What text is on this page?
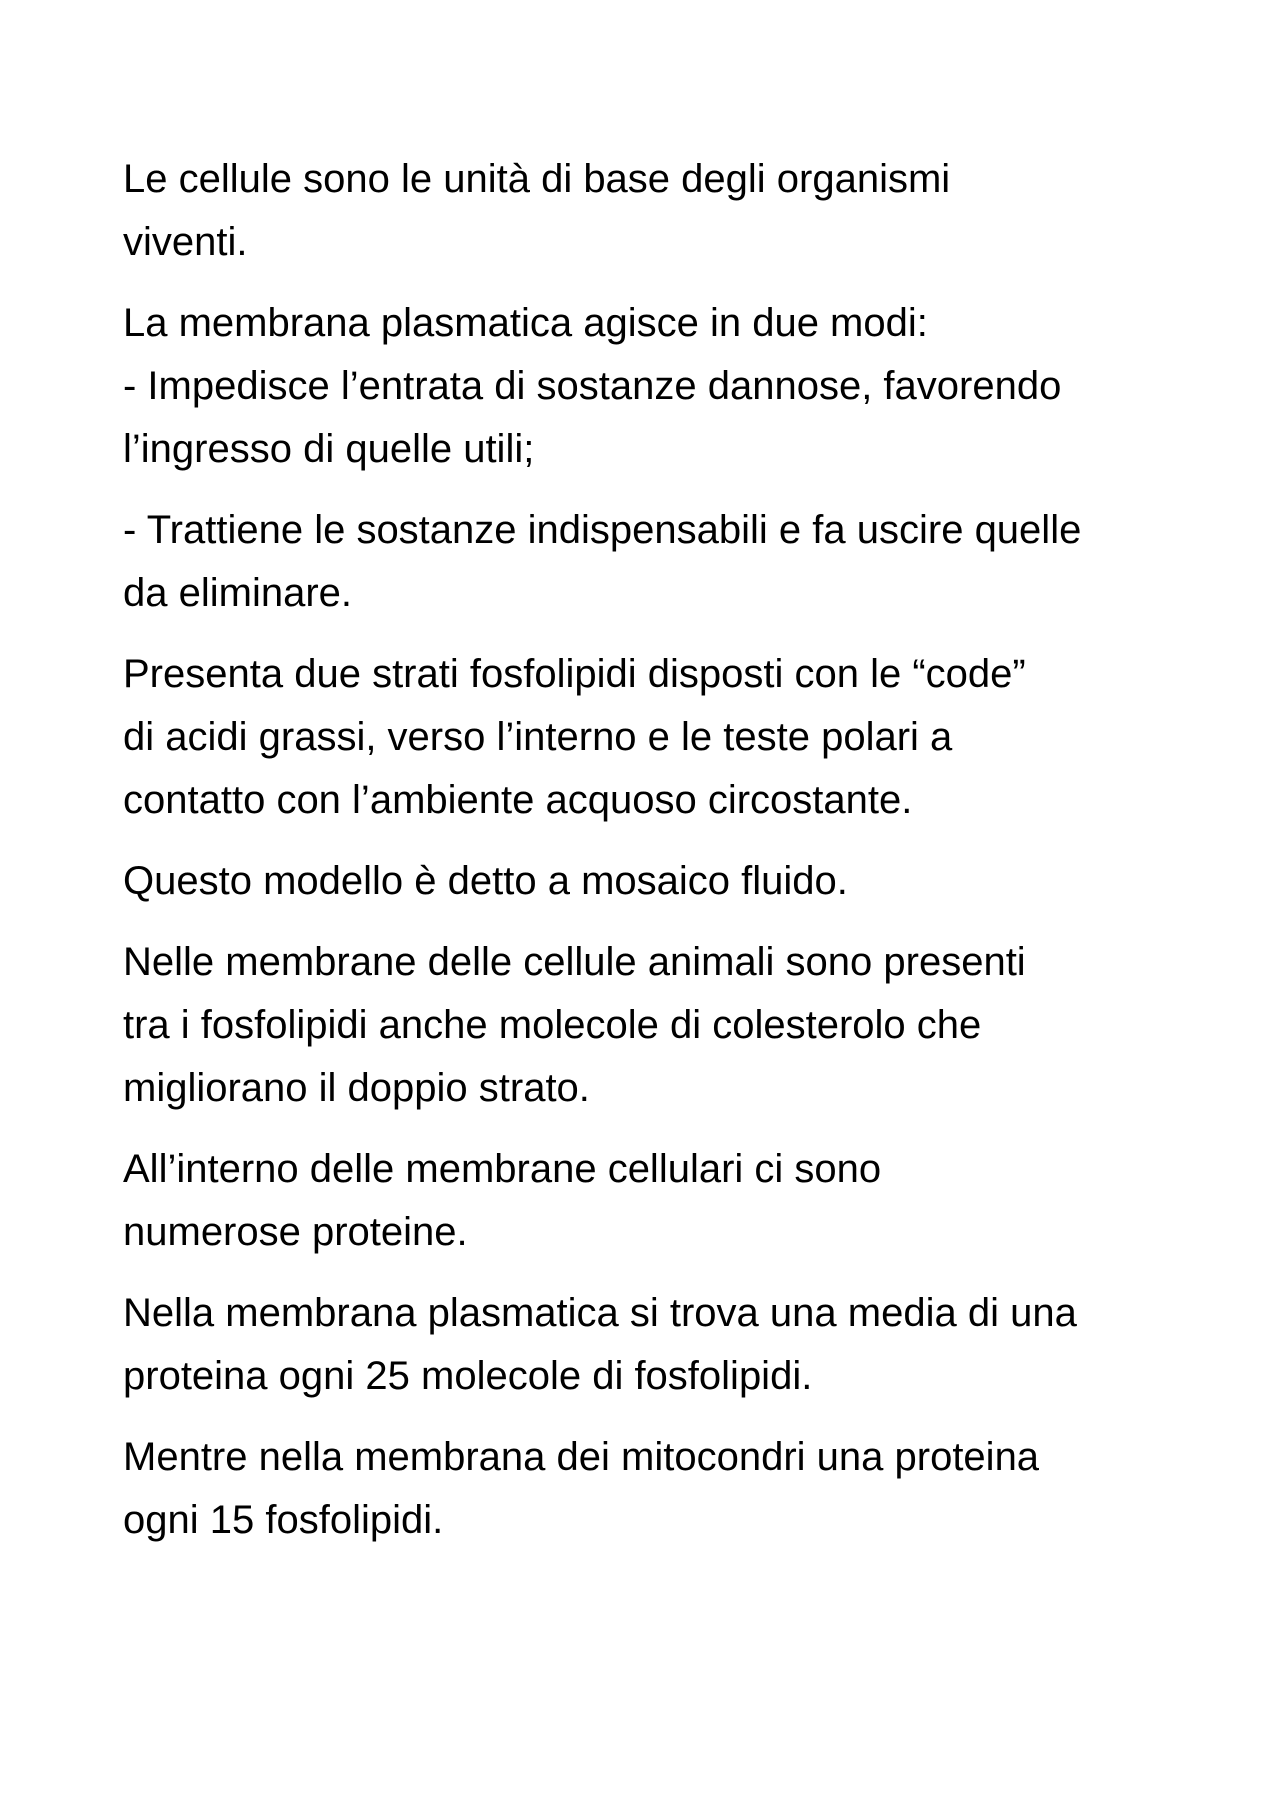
Le cellule sono le unità di base degli organismi
viventi.

La membrana plasmatica agisce in due modi:
- Impedisce l’entrata di sostanze dannose, favorendo
l’ingresso di quelle utili;

- Trattiene le sostanze indispensabili e fa uscire quelle
da eliminare.

Presenta due strati fosfolipidi disposti con le “code”
di acidi grassi, verso l’interno e le teste polari a
contatto con l’ambiente acquoso circostante.

Questo modello è detto a mosaico fluido.

Nelle membrane delle cellule animali sono presenti
tra i fosfolipidi anche molecole di colesterolo che
migliorano il doppio strato.

All’interno delle membrane cellulari ci sono
numerose proteine.

Nella membrana plasmatica si trova una media di una
proteina ogni 25 molecole di fosfolipidi.

Mentre nella membrana dei mitocondri una proteina
ogni 15 fosfolipidi.
